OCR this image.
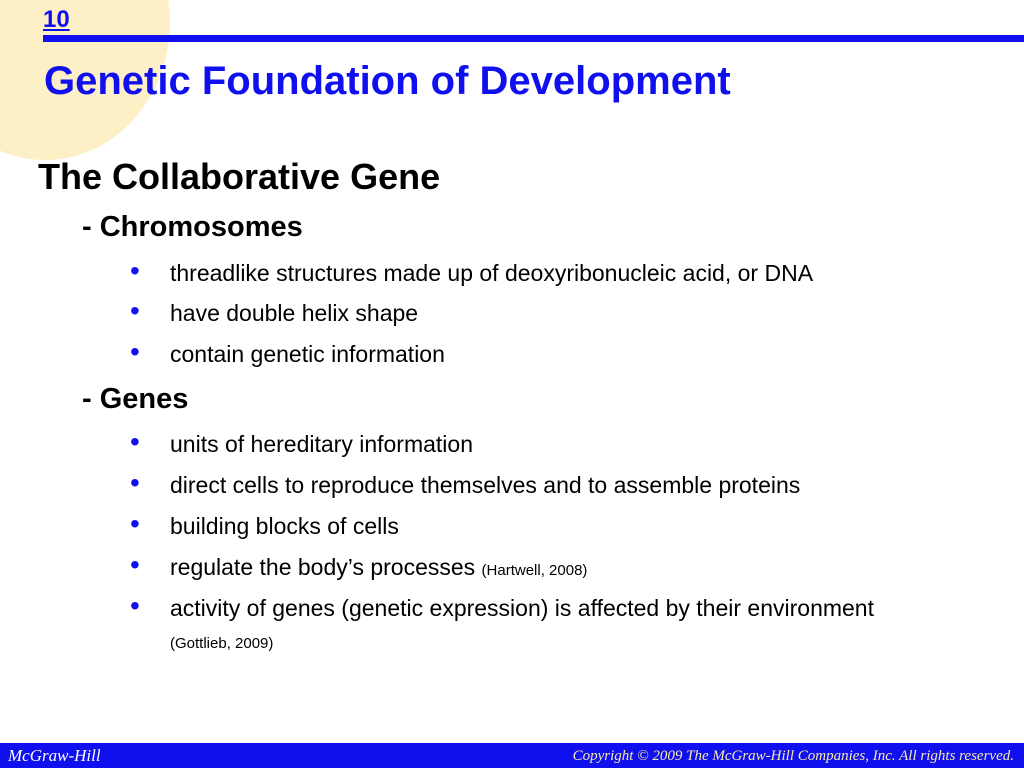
10
Genetic Foundation of Development
The Collaborative Gene
- Chromosomes
• threadlike structures made up of deoxyribonucleic acid, or DNA
• have double helix shape
• contain genetic information
- Genes
• units of hereditary information
• direct cells to reproduce themselves and to assemble proteins
• building blocks of cells
• regulate the body’s processes (Hartwell, 2008)
• activity of genes (genetic expression) is affected by their environment (Gottlieb, 2009)
McGraw-Hill	Copyright © 2009 The McGraw-Hill Companies, Inc. All rights reserved.
